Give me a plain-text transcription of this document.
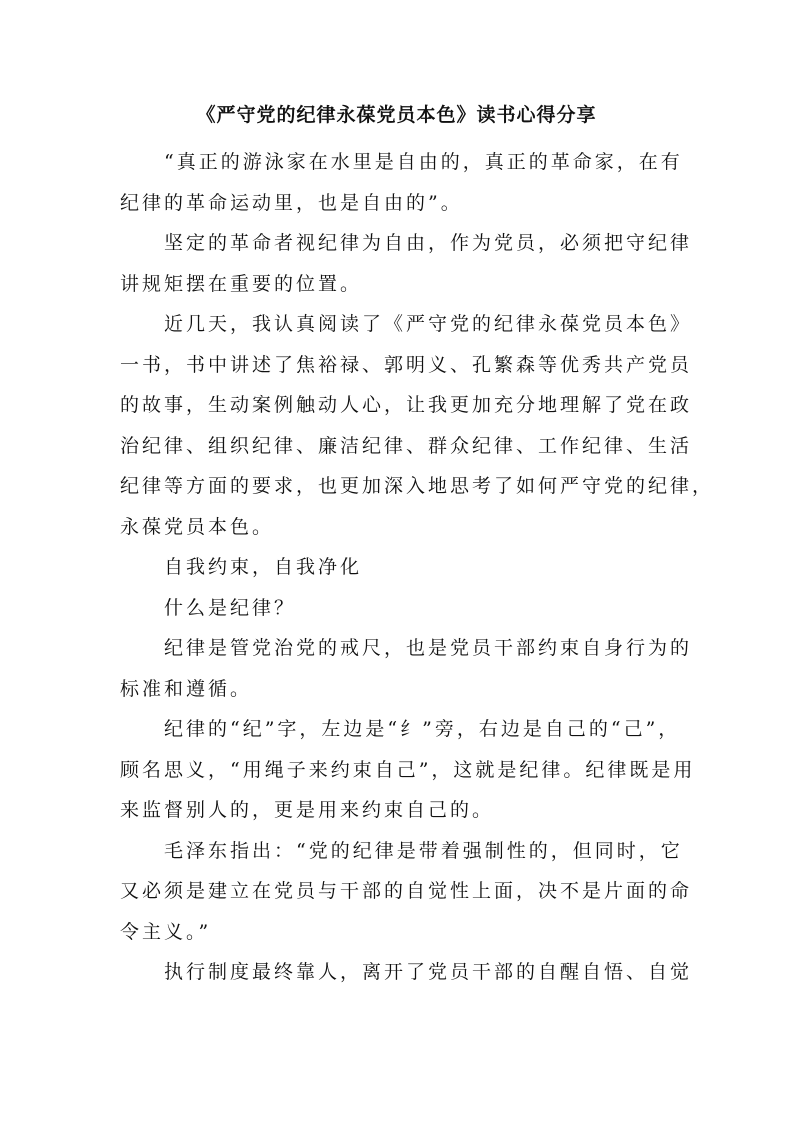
《严守党的纪律永葆党员本色》读书心得分享
“真正的游泳家在水里是自由的，真正的革命家，在有
纪律的革命运动里，也是自由的”。
坚定的革命者视纪律为自由，作为党员，必须把守纪律
讲规矩摆在重要的位置。
近几天，我认真阅读了《严守党的纪律永葆党员本色》
一书，书中讲述了焦裕禄、郭明义、孔繁森等优秀共产党员
的故事，生动案例触动人心，让我更加充分地理解了党在政
治纪律、组织纪律、廉洁纪律、群众纪律、工作纪律、生活
纪律等方面的要求，也更加深入地思考了如何严守党的纪律，
永葆党员本色。
自我约束，自我净化
什么是纪律？
纪律是管党治党的戒尺，也是党员干部约束自身行为的
标准和遵循。
纪律的“纪”字，左边是“纟”旁，右边是自己的“己”，
顾名思义，“用绳子来约束自己”，这就是纪律。纪律既是用
来监督别人的，更是用来约束自己的。
毛泽东指出：“党的纪律是带着强制性的，但同时，它
又必须是建立在党员与干部的自觉性上面，决不是片面的命
令主义。”
执行制度最终靠人，离开了党员干部的自醒自悟、自觉
